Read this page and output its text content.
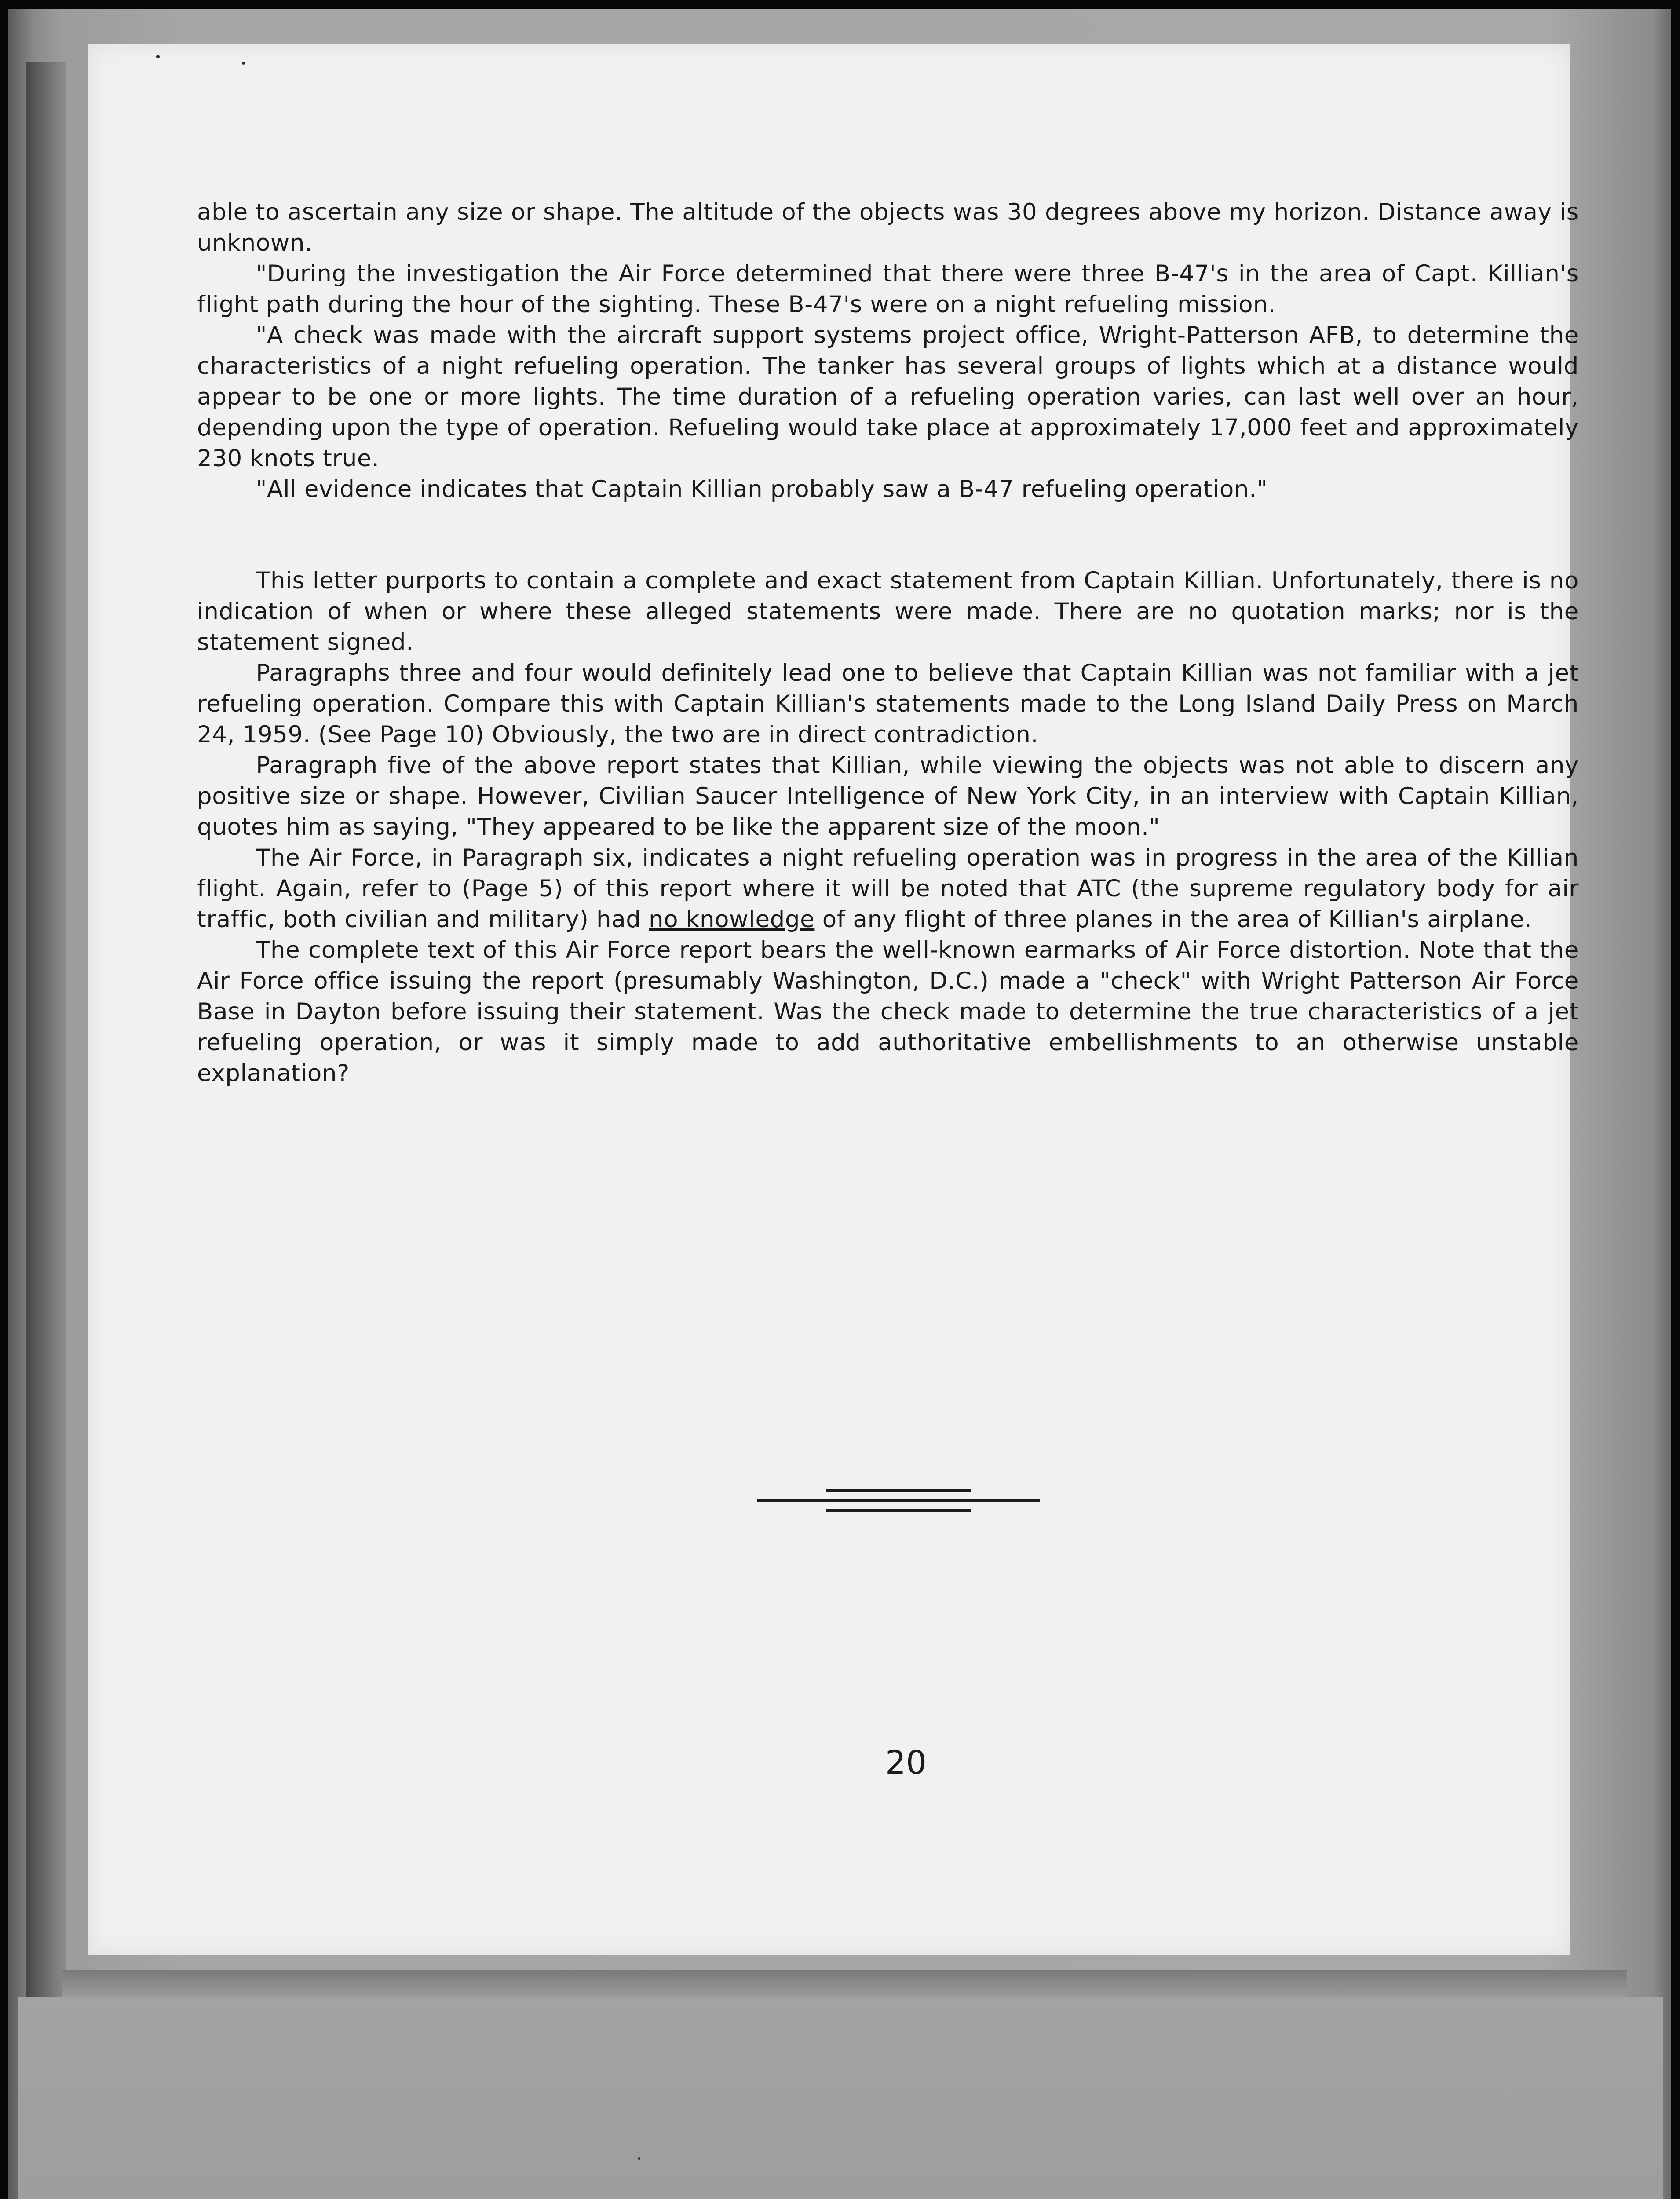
able to ascertain any size or shape. The altitude of the objects was 30 degrees above my horizon. Distance away is unknown.

"During the investigation the Air Force determined that there were three B-47's in the area of Capt. Killian's flight path during the hour of the sighting. These B-47's were on a night refueling mission.

"A check was made with the aircraft support systems project office, Wright-Patterson AFB, to determine the characteristics of a night refueling operation. The tanker has several groups of lights which at a distance would appear to be one or more lights. The time duration of a refueling operation varies, can last well over an hour, depending upon the type of operation. Refueling would take place at approximately 17,000 feet and approximately 230 knots true.

"All evidence indicates that Captain Killian probably saw a B-47 refueling operation."

This letter purports to contain a complete and exact statement from Captain Killian. Unfortunately, there is no indication of when or where these alleged statements were made. There are no quotation marks; nor is the statement signed.

Paragraphs three and four would definitely lead one to believe that Captain Killian was not familiar with a jet refueling operation. Compare this with Captain Killian's statements made to the Long Island Daily Press on March 24, 1959. (See Page 10) Obviously, the two are in direct contradiction.

Paragraph five of the above report states that Killian, while viewing the objects was not able to discern any positive size or shape. However, Civilian Saucer Intelligence of New York City, in an interview with Captain Killian, quotes him as saying, "They appeared to be like the apparent size of the moon."

The Air Force, in Paragraph six, indicates a night refueling operation was in progress in the area of the Killian flight. Again, refer to (Page 5) of this report where it will be noted that ATC (the supreme regulatory body for air traffic, both civilian and military) had no knowledge of any flight of three planes in the area of Killian's airplane.

The complete text of this Air Force report bears the well-known earmarks of Air Force distortion. Note that the Air Force office issuing the report (presumably Washington, D.C.) made a "check" with Wright Patterson Air Force Base in Dayton before issuing their statement. Was the check made to determine the true characteristics of a jet refueling operation, or was it simply made to add authoritative embellishments to an otherwise unstable explanation?

20
